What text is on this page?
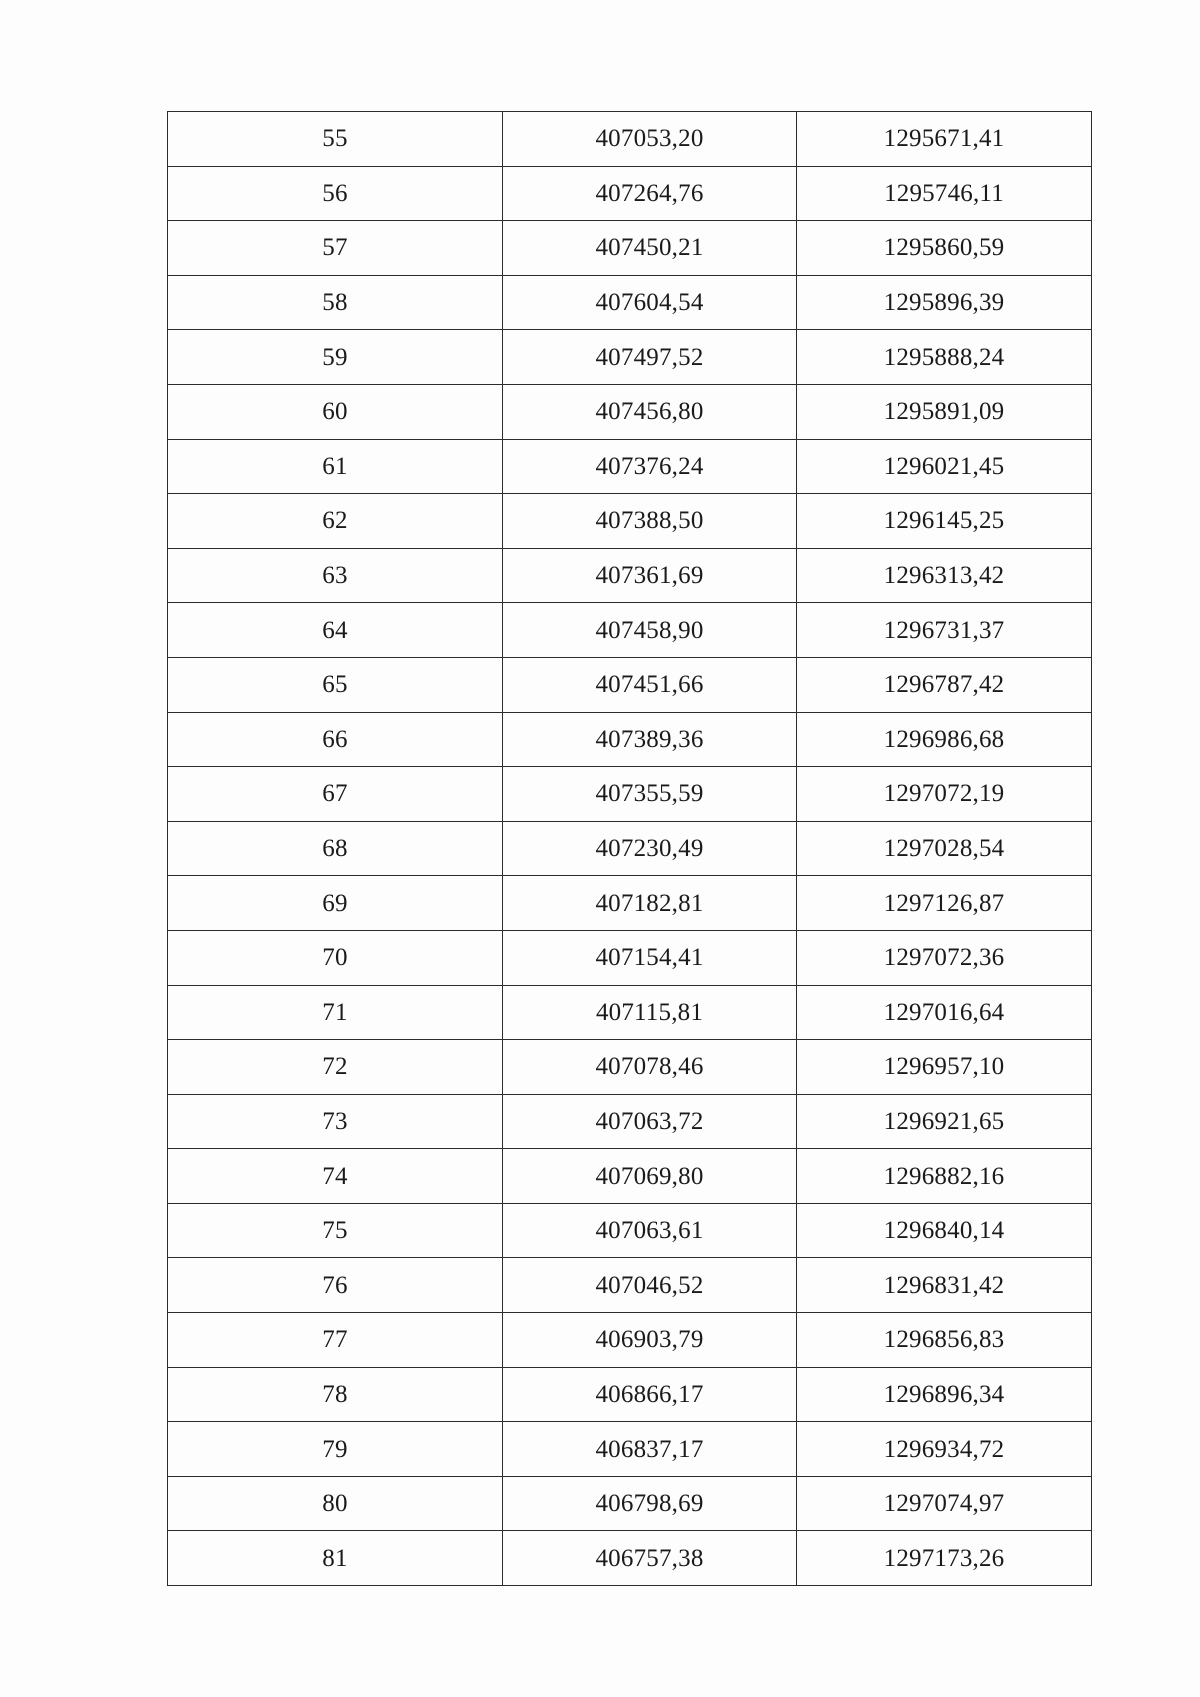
55	407053,20	1295671,41
56	407264,76	1295746,11
57	407450,21	1295860,59
58	407604,54	1295896,39
59	407497,52	1295888,24
60	407456,80	1295891,09
61	407376,24	1296021,45
62	407388,50	1296145,25
63	407361,69	1296313,42
64	407458,90	1296731,37
65	407451,66	1296787,42
66	407389,36	1296986,68
67	407355,59	1297072,19
68	407230,49	1297028,54
69	407182,81	1297126,87
70	407154,41	1297072,36
71	407115,81	1297016,64
72	407078,46	1296957,10
73	407063,72	1296921,65
74	407069,80	1296882,16
75	407063,61	1296840,14
76	407046,52	1296831,42
77	406903,79	1296856,83
78	406866,17	1296896,34
79	406837,17	1296934,72
80	406798,69	1297074,97
81	406757,38	1297173,26
